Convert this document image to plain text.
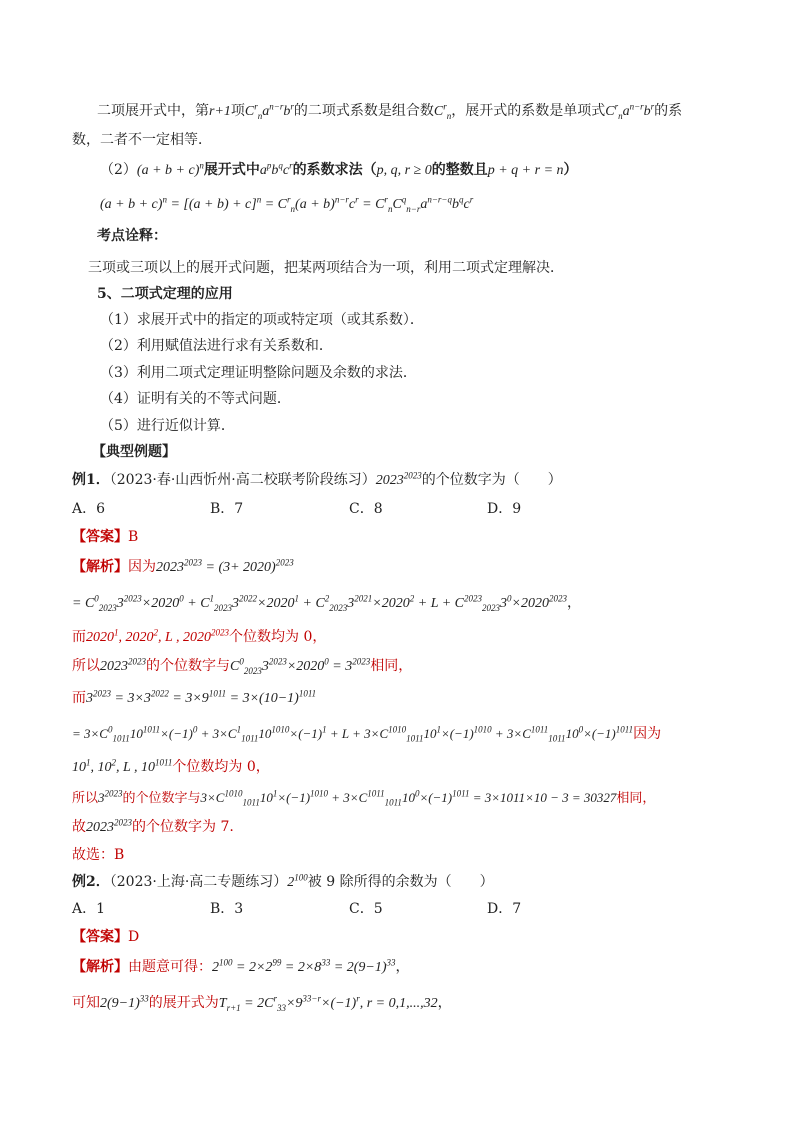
二项展开式中，第r+1项$C^r_na^{n-r}b^r$的二项式系数是组合数$C^r_n$，展开式的系数是单项式$C^r_na^{n-r}b^r$的系
数，二者不一定相等．
$(2)(a + b + c)^n$展开式中$a^pb^qc^r$的系数求法（p, q, r ≥ 0的整数且p + q + r = n）
$(a + b + c)^n = [(a + b) + c]^n = C^r_n(a + b)^{n-r}c^r = C^r_nC^q_{n-r}a^{n-r-q}b^qc^r$
考点诠释：
三项或三项以上的展开式问题，把某两项结合为一项，利用二项式定理解决．
5、二项式定理的应用
（1）求展开式中的指定的项或特定项（或其系数）．
（2）利用赋值法进行求有关系数和．
（3）利用二项式定理证明整除问题及余数的求法．
（4）证明有关的不等式问题．
（5）进行近似计算．
【典型例题】
例1．（2023·春·山西忻州·高二校联考阶段练习）$2023^{2023}$的个位数字为（　　）
A．6	B．7	C．8	D．9
【答案】B
【解析】因为$2023^{2023} = (3+ 2020)^{2023}$
= $C^0_{2023}3^{2023}\times 2020^0 + C^1_{2023}3^{2022}\times 2020^1 + C^2_{2023}3^{2021}\times 2020^2 + L + C^{2023}_{2023}3^0\times 2020^{2023}$，
而2020$^1$, 2020$^2$, L , $2020^{2023}$个位数均为 0，
所以$2023^{2023}$的个位数字与$C^0_{2023}3^{2023}\times 2020^0 = 3^{2023}$相同，
而$3^{2023} = 3\times 3^{2022} = 3\times 9^{1011} = 3\times(10-1)^{1011}$
= $3\times C^0_{1011}10^{1011}\times(-1)^0 + 3\times C^1_{1011}10^{1010}\times(-1)^1 + L + 3\times C^{1010}_{1011}10^1\times(-1)^{1010} + 3\times C^{1011}_{1011}10^0\times(-1)^{1011}$因为
$10^1$, $10^2$, L , $10^{1011}$个位数均为 0，
所以$3^{2023}$的个位数字与$3\times C^{1010}_{1011}10^1\times(-1)^{1010} + 3\times C^{1011}_{1011}10^0\times(-1)^{1011} = 3\times 1011\times 10 - 3 = 30327$相同，
故$2023^{2023}$的个位数字为 7.
故选：B
例2．（2023·上海·高二专题练习）$2^{100}$被 9 除所得的余数为（　　）
A．1	B．3	C．5	D．7
【答案】D
【解析】由题意可得：$2^{100} = 2\times 2^{99} = 2\times 8^{33} = 2(9-1)^{33}$，
可知$2(9-1)^{33}$的展开式为$T_{r+1} = 2C^r_{33}\times 9^{33-r}\times(-1)^r$, r = 0,1,...,32，
